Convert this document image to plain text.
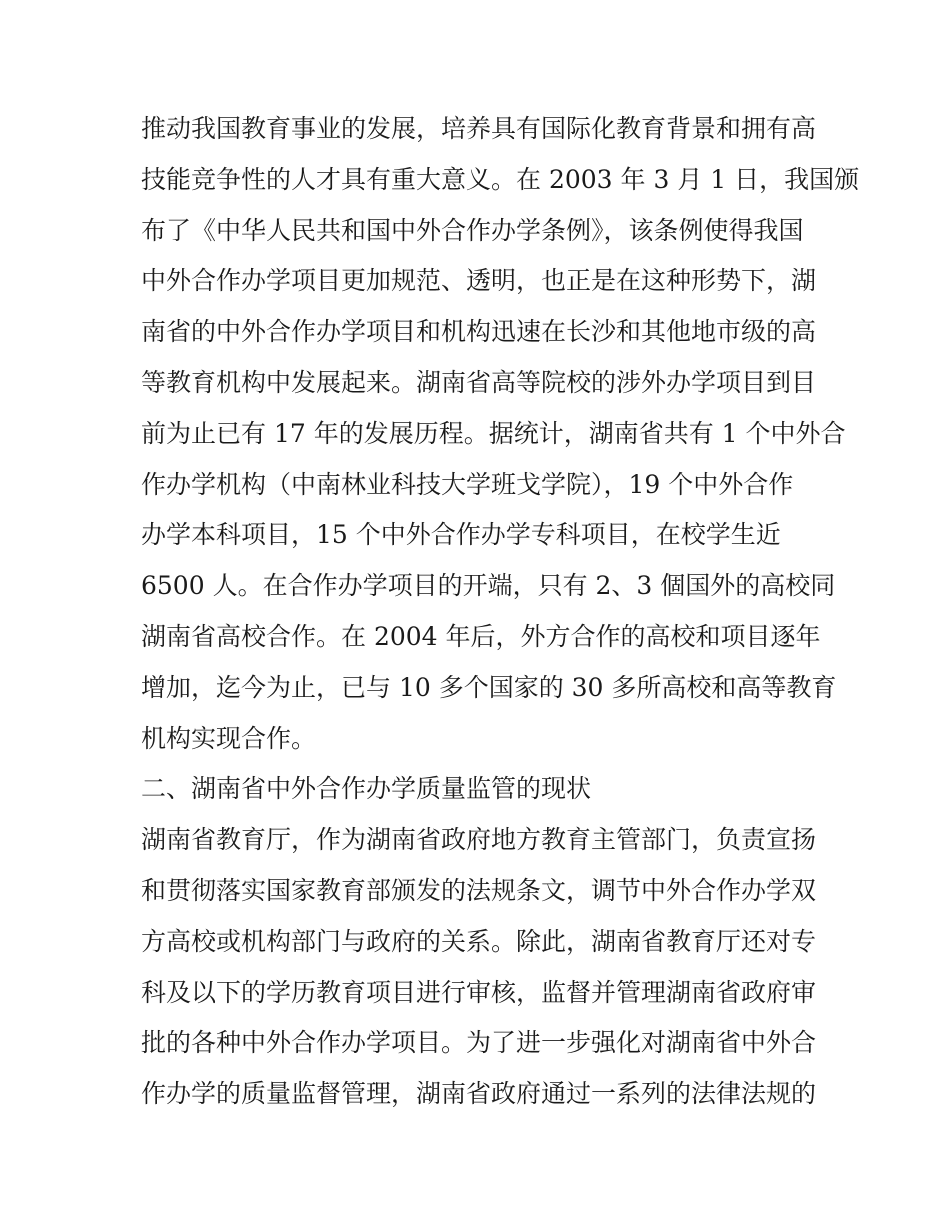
推动我国教育事业的发展，培养具有国际化教育背景和拥有高
技能竞争性的人才具有重大意义。在 2003 年 3 月 1 日，我国颁
布了《中华人民共和国中外合作办学条例》，该条例使得我国
中外合作办学项目更加规范、透明，也正是在这种形势下，湖
南省的中外合作办学项目和机构迅速在长沙和其他地市级的高
等教育机构中发展起来。湖南省高等院校的涉外办学项目到目
前为止已有 17 年的发展历程。据统计，湖南省共有 1 个中外合
作办学机构（中南林业科技大学班戈学院），19 个中外合作
办学本科项目，15 个中外合作办学专科项目，在校学生近
6500 人。在合作办学项目的开端，只有 2、3 個国外的高校同
湖南省高校合作。在 2004 年后，外方合作的高校和项目逐年
增加，迄今为止，已与 10 多个国家的 30 多所高校和高等教育
机构实现合作。
二、湖南省中外合作办学质量监管的现状
湖南省教育厅，作为湖南省政府地方教育主管部门，负责宣扬
和贯彻落实国家教育部颁发的法规条文，调节中外合作办学双
方高校或机构部门与政府的关系。除此，湖南省教育厅还对专
科及以下的学历教育项目进行审核，监督并管理湖南省政府审
批的各种中外合作办学项目。为了进一步强化对湖南省中外合
作办学的质量监督管理，湖南省政府通过一系列的法律法规的
